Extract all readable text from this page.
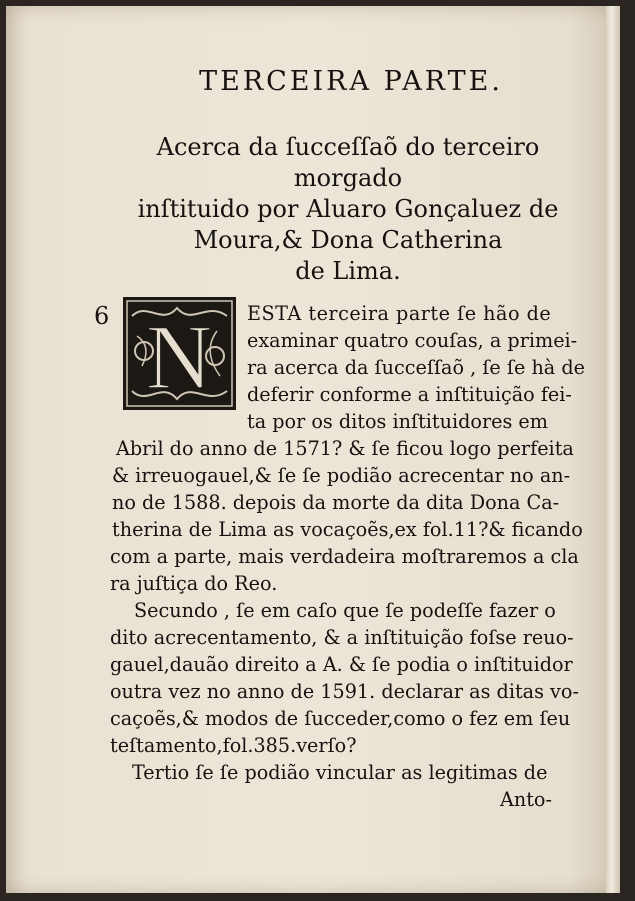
TERCEIRA PARTE.
Acerca da ſucceſſaõ do terceiro morgado
inſtituido por Aluaro Gonçaluez de
Moura,& Dona Catherina
de Lima.
6 N ESTA terceira parte ſe hão de
examinar quatro couſas, a primei-
ra acerca da ſucceſſaõ , ſe ſe hà de
deferir conforme a inſtituição fei-
ta por os ditos inſtituidores em
Abril do anno de 1571? & ſe ficou logo perfeita
& irreuogauel,& ſe ſe podião acrecentar no an-
no de 1588. depois da morte da dita Dona Ca-
therina de Lima as vocaçoẽs,ex fol.11?& ficando
com a parte, mais verdadeira moſtraremos a cla
ra juſtiça do Reo.
Secundo , ſe em caſo que ſe podeſſe fazer o
dito acrecentamento, & a inſtituição foſse reuo-
gauel,dauão direito a A. & ſe podia o inſtituidor
outra vez no anno de 1591. declarar as ditas vo-
caçoẽs,& modos de ſucceder,como o fez em ſeu
teſtamento,fol.385.verſo?
Tertio ſe ſe podião vincular as legitimas de
Anto-
